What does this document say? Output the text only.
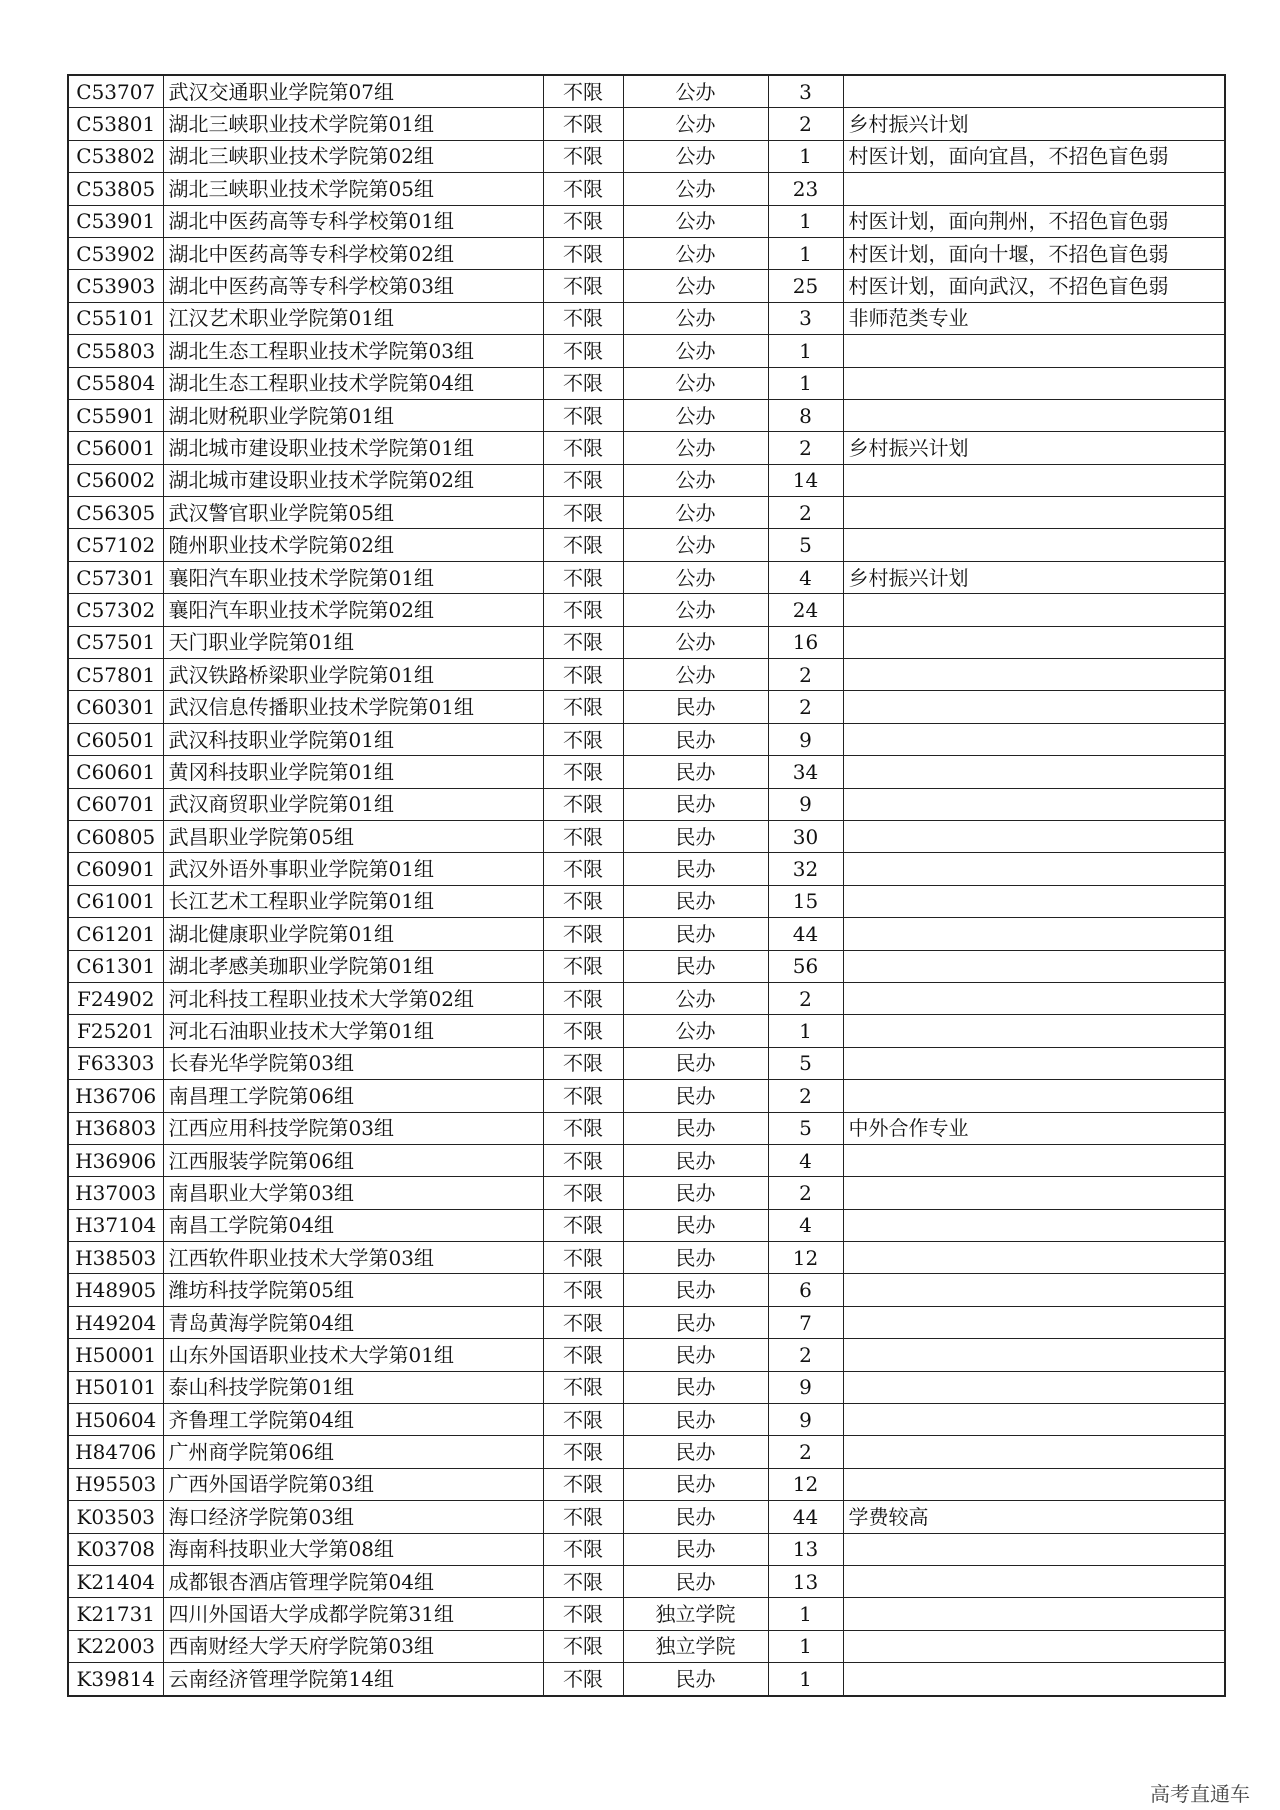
C53707	武汉交通职业学院第07组	不限	公办	3	
C53801	湖北三峡职业技术学院第01组	不限	公办	2	乡村振兴计划
C53802	湖北三峡职业技术学院第02组	不限	公办	1	村医计划，面向宜昌，不招色盲色弱
C53805	湖北三峡职业技术学院第05组	不限	公办	23	
C53901	湖北中医药高等专科学校第01组	不限	公办	1	村医计划，面向荆州，不招色盲色弱
C53902	湖北中医药高等专科学校第02组	不限	公办	1	村医计划，面向十堰，不招色盲色弱
C53903	湖北中医药高等专科学校第03组	不限	公办	25	村医计划，面向武汉，不招色盲色弱
C55101	江汉艺术职业学院第01组	不限	公办	3	非师范类专业
C55803	湖北生态工程职业技术学院第03组	不限	公办	1	
C55804	湖北生态工程职业技术学院第04组	不限	公办	1	
C55901	湖北财税职业学院第01组	不限	公办	8	
C56001	湖北城市建设职业技术学院第01组	不限	公办	2	乡村振兴计划
C56002	湖北城市建设职业技术学院第02组	不限	公办	14	
C56305	武汉警官职业学院第05组	不限	公办	2	
C57102	随州职业技术学院第02组	不限	公办	5	
C57301	襄阳汽车职业技术学院第01组	不限	公办	4	乡村振兴计划
C57302	襄阳汽车职业技术学院第02组	不限	公办	24	
C57501	天门职业学院第01组	不限	公办	16	
C57801	武汉铁路桥梁职业学院第01组	不限	公办	2	
C60301	武汉信息传播职业技术学院第01组	不限	民办	2	
C60501	武汉科技职业学院第01组	不限	民办	9	
C60601	黄冈科技职业学院第01组	不限	民办	34	
C60701	武汉商贸职业学院第01组	不限	民办	9	
C60805	武昌职业学院第05组	不限	民办	30	
C60901	武汉外语外事职业学院第01组	不限	民办	32	
C61001	长江艺术工程职业学院第01组	不限	民办	15	
C61201	湖北健康职业学院第01组	不限	民办	44	
C61301	湖北孝感美珈职业学院第01组	不限	民办	56	
F24902	河北科技工程职业技术大学第02组	不限	公办	2	
F25201	河北石油职业技术大学第01组	不限	公办	1	
F63303	长春光华学院第03组	不限	民办	5	
H36706	南昌理工学院第06组	不限	民办	2	
H36803	江西应用科技学院第03组	不限	民办	5	中外合作专业
H36906	江西服装学院第06组	不限	民办	4	
H37003	南昌职业大学第03组	不限	民办	2	
H37104	南昌工学院第04组	不限	民办	4	
H38503	江西软件职业技术大学第03组	不限	民办	12	
H48905	潍坊科技学院第05组	不限	民办	6	
H49204	青岛黄海学院第04组	不限	民办	7	
H50001	山东外国语职业技术大学第01组	不限	民办	2	
H50101	泰山科技学院第01组	不限	民办	9	
H50604	齐鲁理工学院第04组	不限	民办	9	
H84706	广州商学院第06组	不限	民办	2	
H95503	广西外国语学院第03组	不限	民办	12	
K03503	海口经济学院第03组	不限	民办	44	学费较高
K03708	海南科技职业大学第08组	不限	民办	13	
K21404	成都银杏酒店管理学院第04组	不限	民办	13	
K21731	四川外国语大学成都学院第31组	不限	独立学院	1	
K22003	西南财经大学天府学院第03组	不限	独立学院	1	
K39814	云南经济管理学院第14组	不限	民办	1	
高考直通车
